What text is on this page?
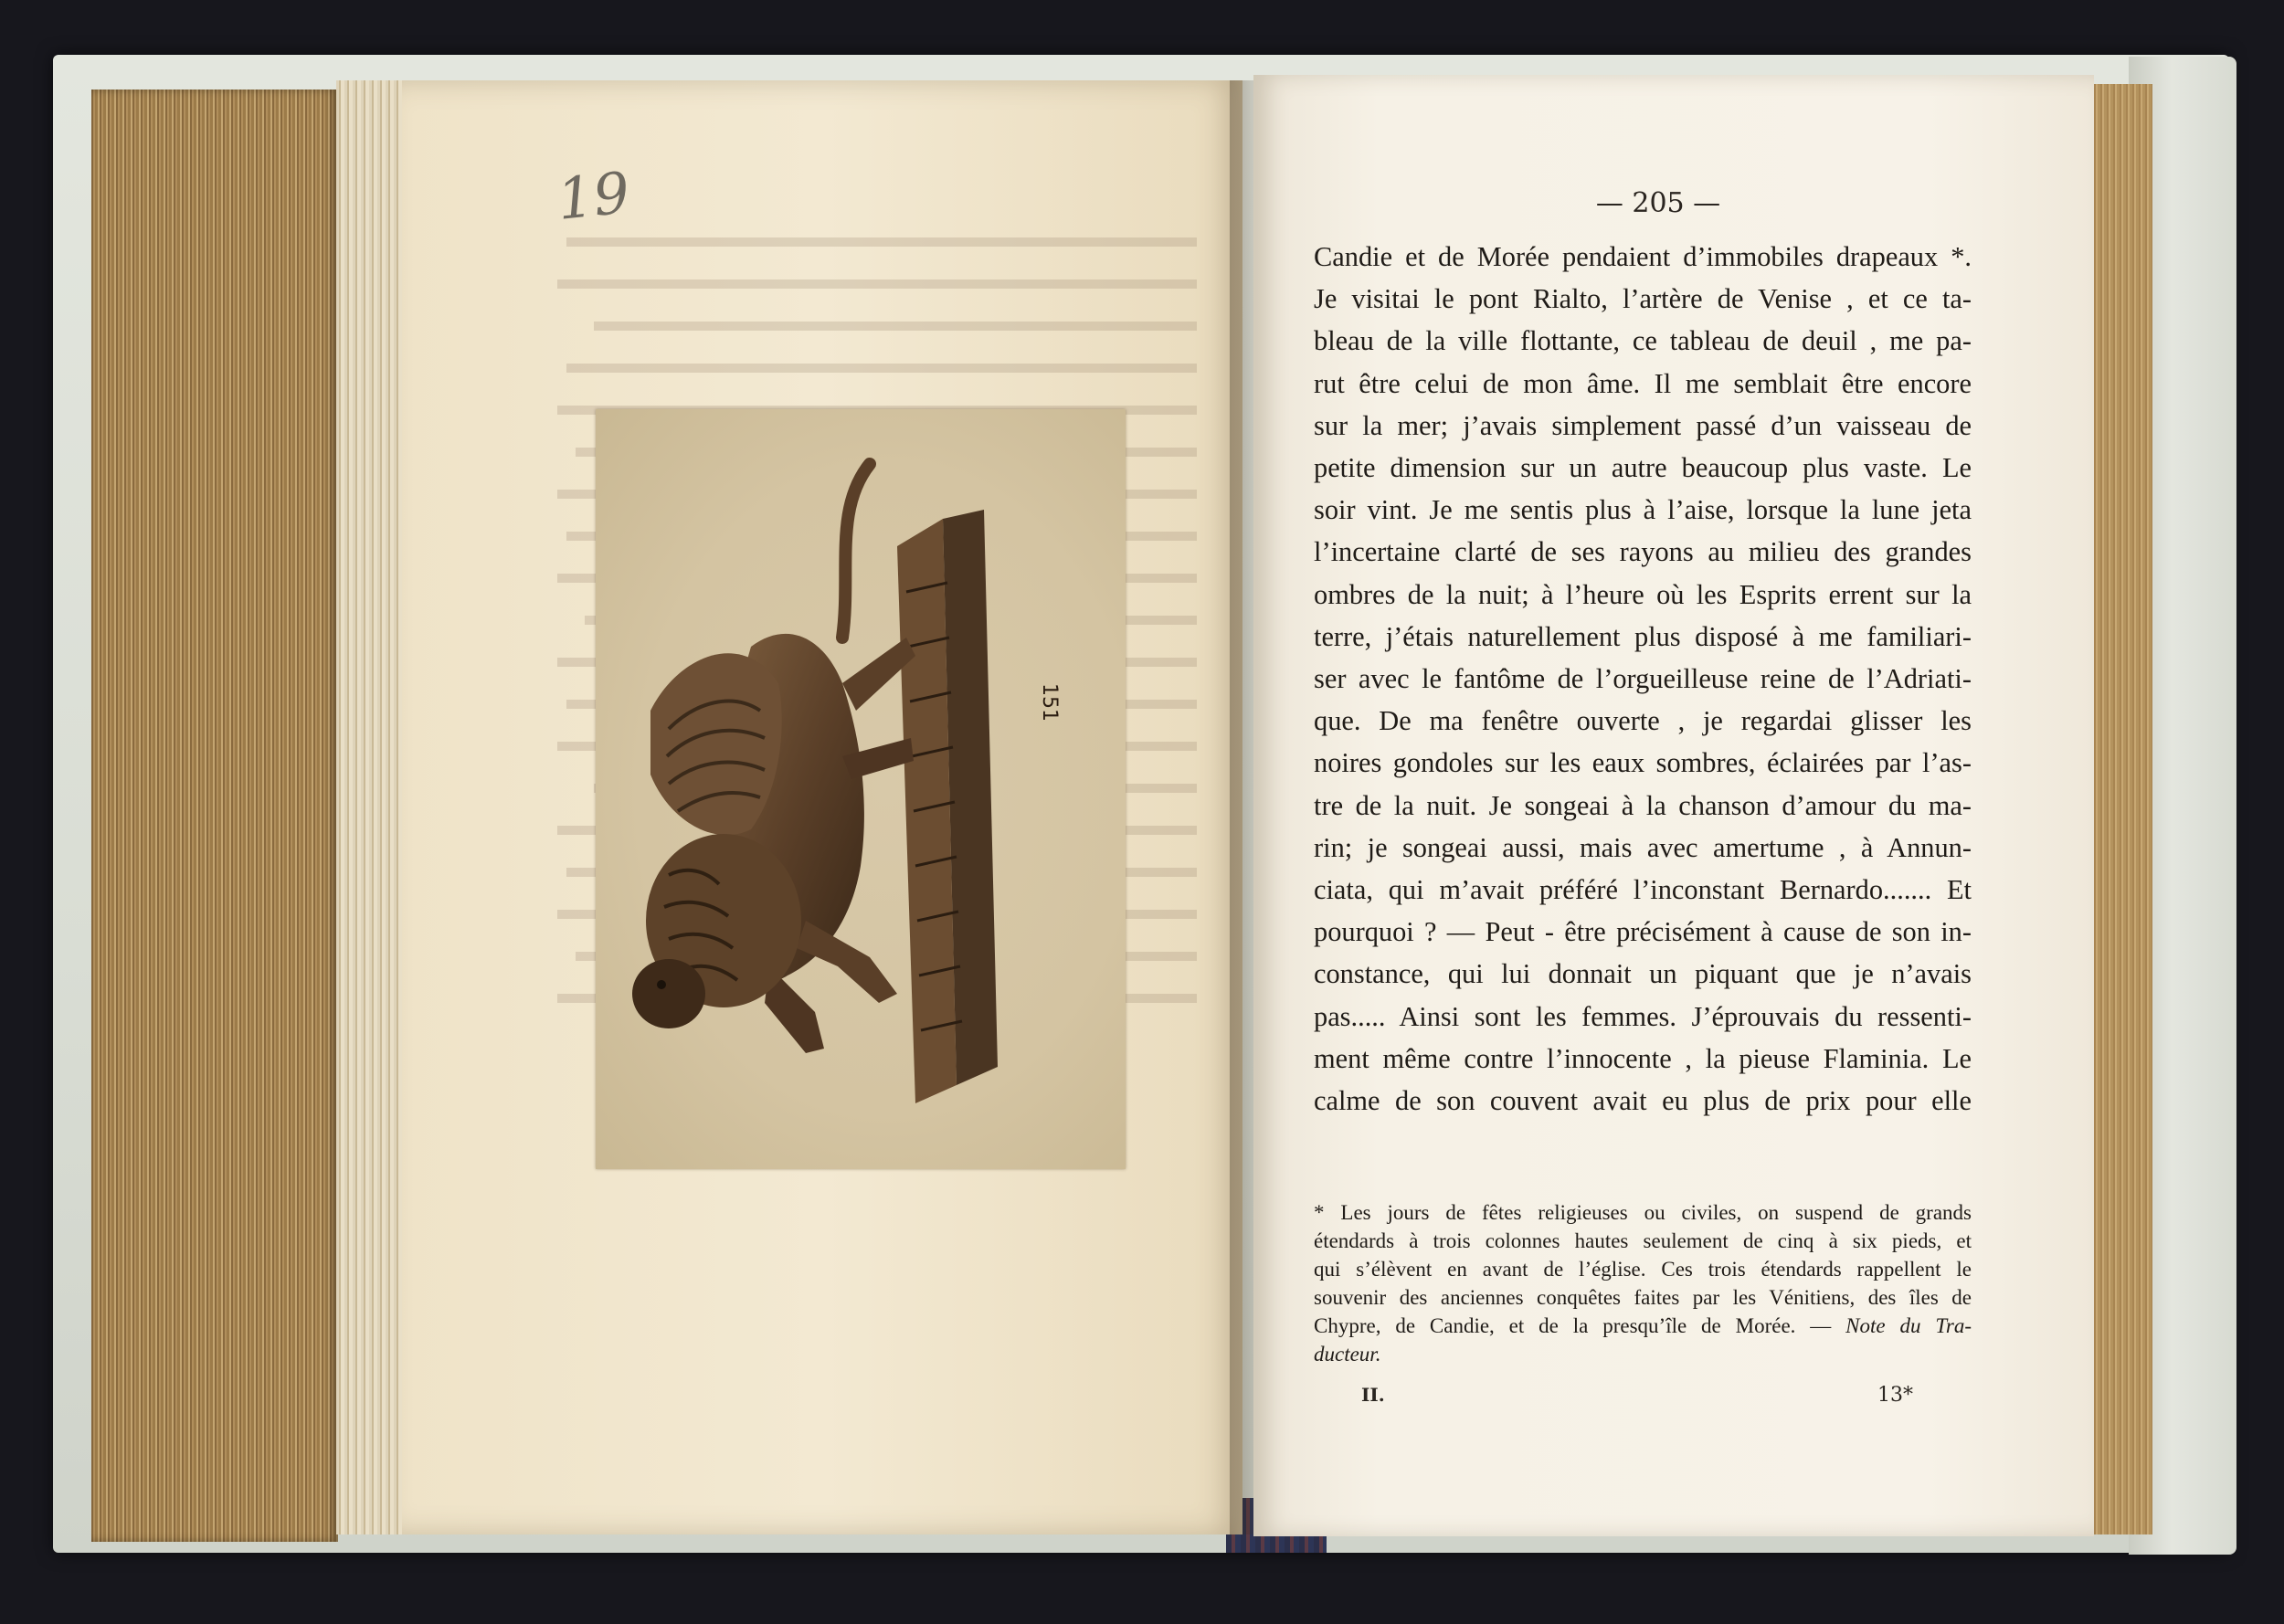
19
151
— 205 —

Candie et de Morée pendaient d’immobiles drapeaux *.

Je visitai le pont Rialto, l’artère de Venise , et ce ta-

bleau de la ville flottante, ce tableau de deuil , me pa-

rut être celui de mon âme. Il me semblait être encore

sur la mer; j’avais simplement passé d’un vaisseau de

petite dimension sur un autre beaucoup plus vaste. Le

soir vint. Je me sentis plus à l’aise, lorsque la lune jeta

l’incertaine clarté de ses rayons au milieu des grandes

ombres de la nuit; à l’heure où les Esprits errent sur la

terre, j’étais naturellement plus disposé à me familiari-

ser avec le fantôme de l’orgueilleuse reine de l’Adriati-

que. De ma fenêtre ouverte , je regardai glisser les

noires gondoles sur les eaux sombres, éclairées par l’as-

tre de la nuit. Je songeai à la chanson d’amour du ma-

rin; je songeai aussi, mais avec amertume , à Annun-

ciata, qui m’avait préféré l’inconstant Bernardo....... Et

pourquoi ? — Peut - être précisément à cause de son in-

constance, qui lui donnait un piquant que je n’avais

pas..... Ainsi sont les femmes. J’éprouvais du ressenti-

ment même contre l’innocente , la pieuse Flaminia. Le

calme de son couvent avait eu plus de prix pour elle

* Les jours de fêtes religieuses ou civiles, on suspend de grands

étendards à trois colonnes hautes seulement de cinq à six pieds, et

qui s’élèvent en avant de l’église. Ces trois étendards rappellent le

souvenir des anciennes conquêtes faites par les Vénitiens, des îles de

Chypre, de Candie, et de la presqu’île de Morée. — Note du Tra-

ducteur.

II.	13*
